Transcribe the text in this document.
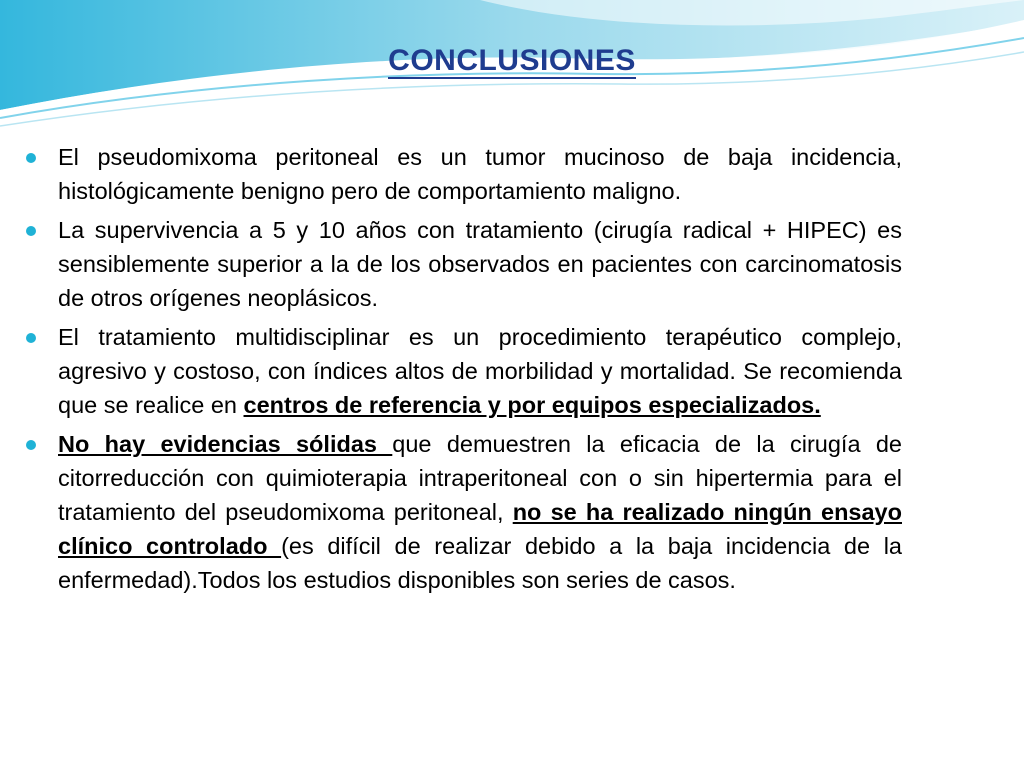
CONCLUSIONES
El pseudomixoma peritoneal es un tumor mucinoso de baja incidencia, histológicamente benigno pero de comportamiento maligno.
La supervivencia a 5 y 10 años con tratamiento (cirugía radical + HIPEC) es sensiblemente superior a la de los observados en pacientes con carcinomatosis de otros orígenes neoplásicos.
El tratamiento multidisciplinar es un procedimiento terapéutico complejo, agresivo y costoso, con índices altos de morbilidad y mortalidad. Se recomienda que se realice en centros de referencia y por equipos especializados.
No hay evidencias sólidas que demuestren la eficacia de la cirugía de citorreducción con quimioterapia intraperitoneal con o sin hipertermia para el tratamiento del pseudomixoma peritoneal, no se ha realizado ningún ensayo clínico controlado (es difícil de realizar debido a la baja incidencia de la enfermedad).Todos los estudios disponibles son series de casos.
